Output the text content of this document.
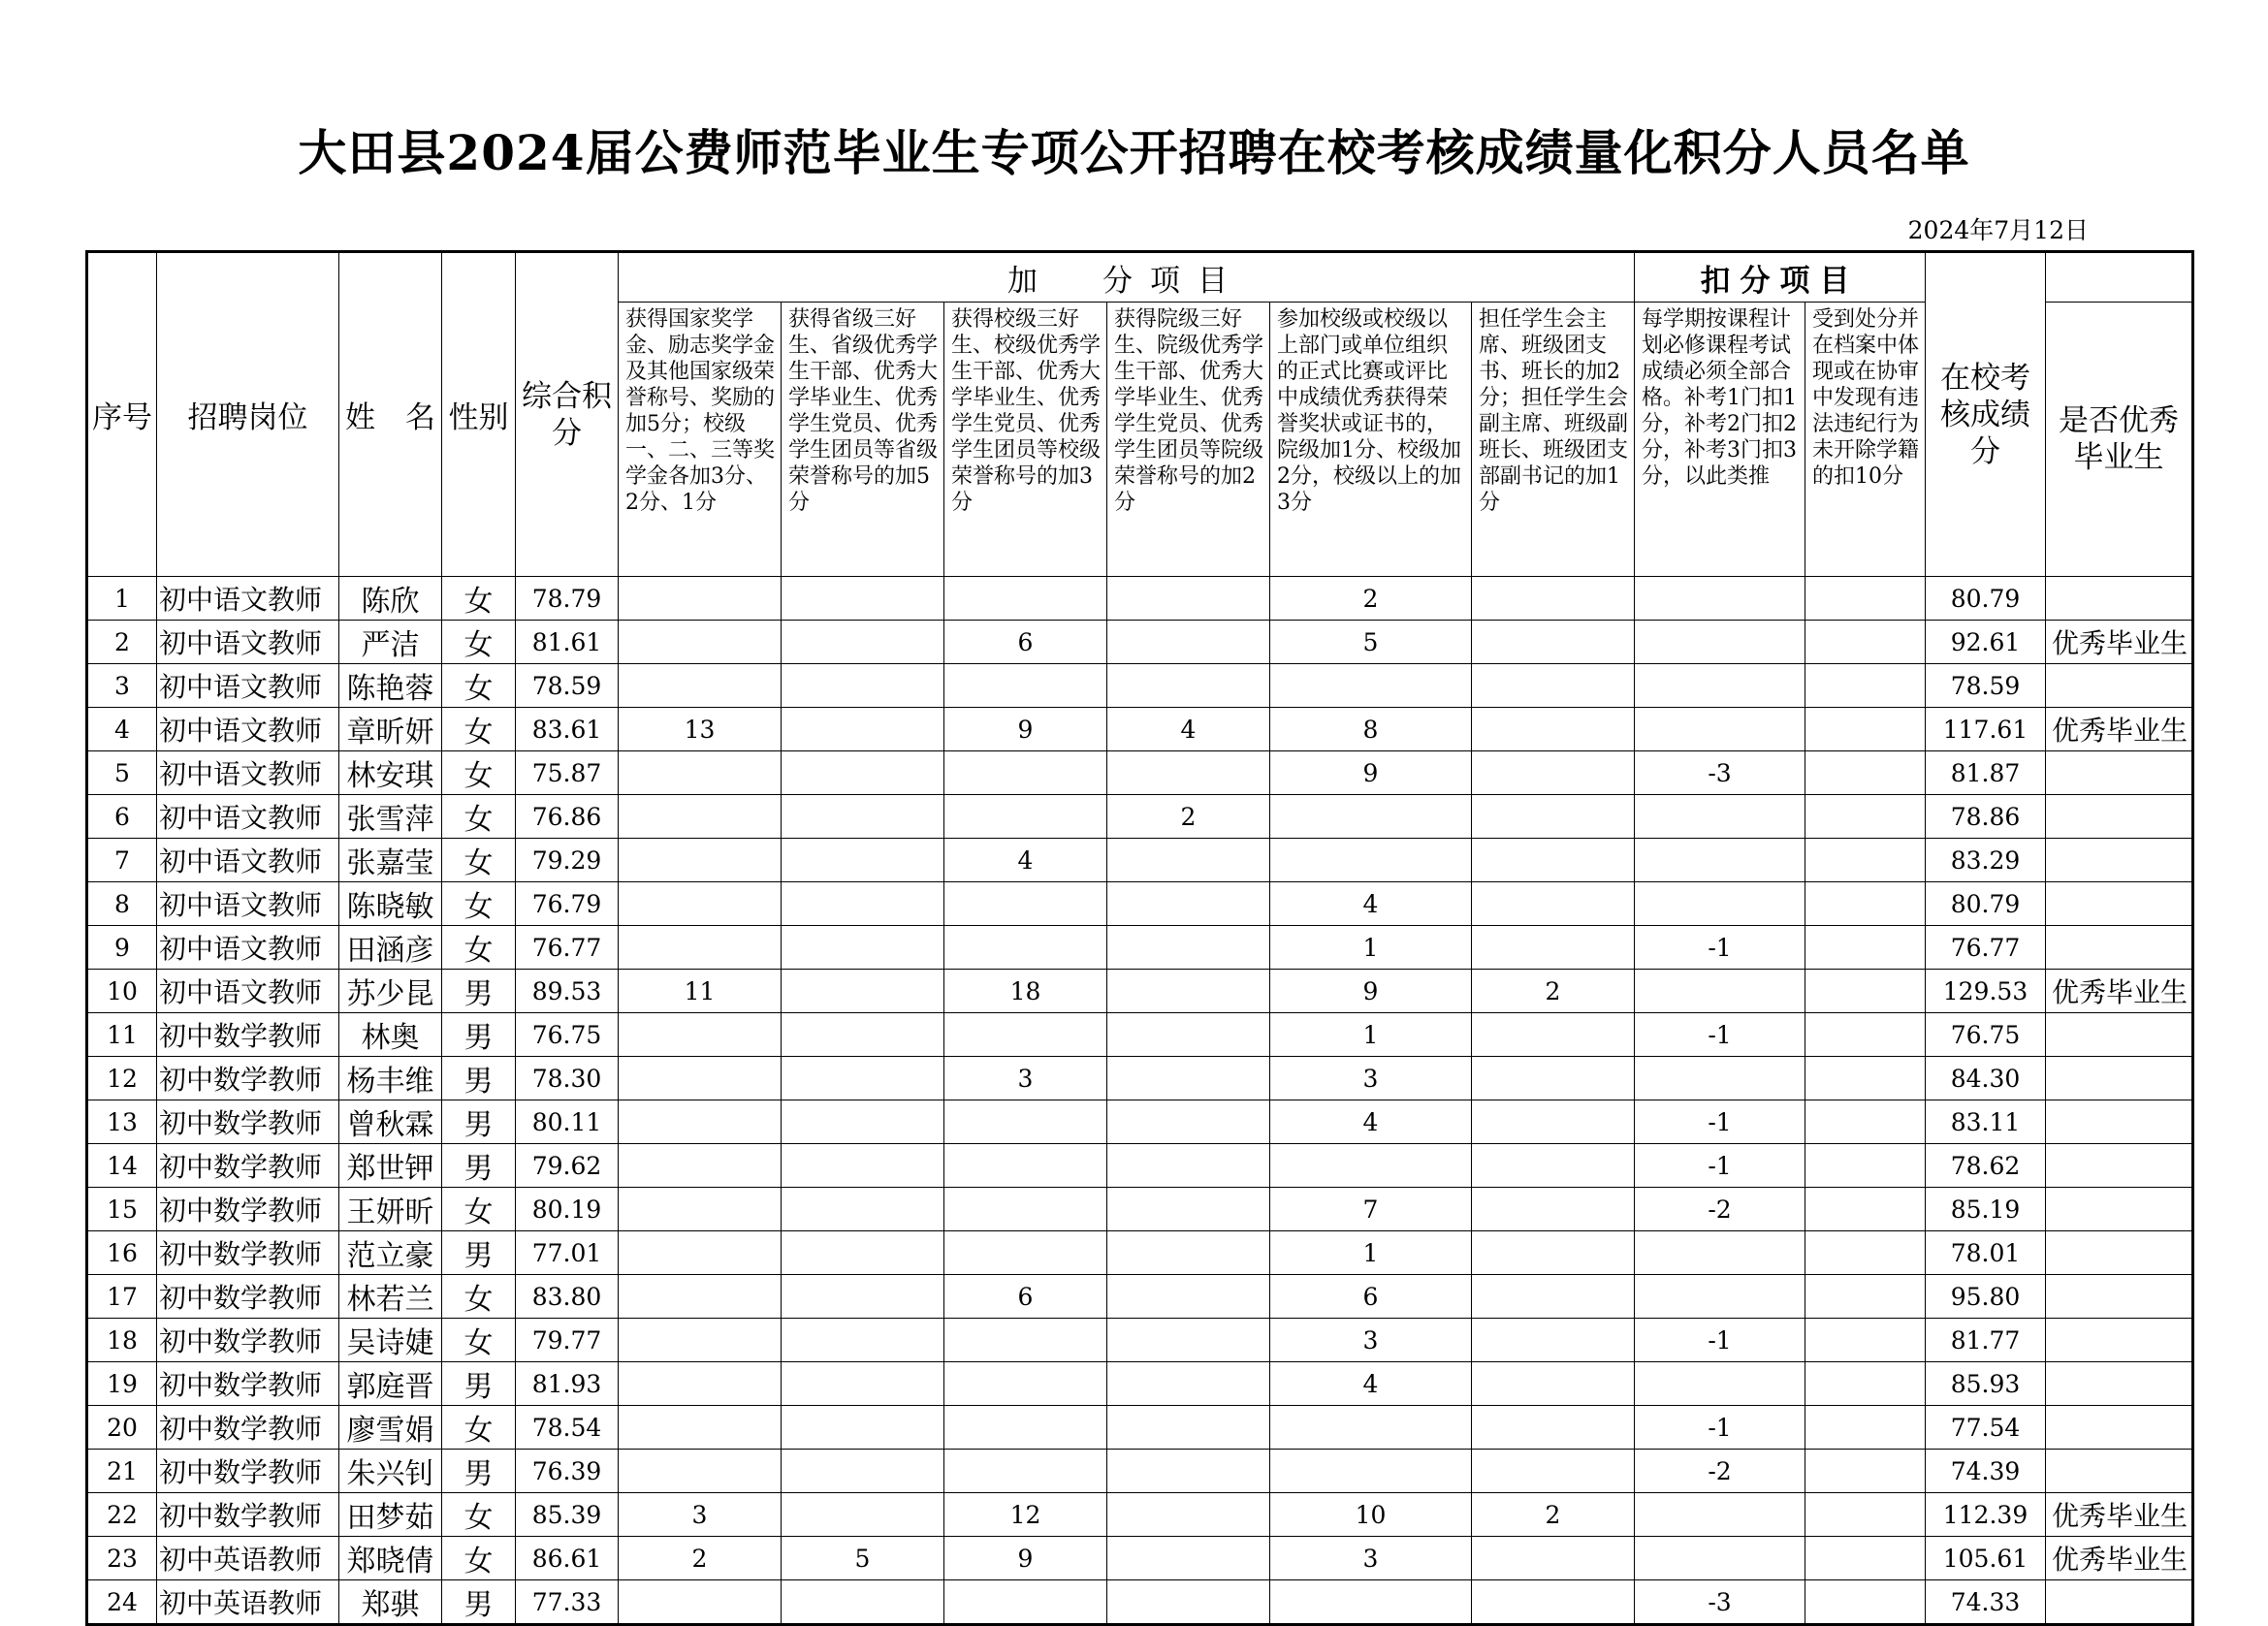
大田县2024届公费师范毕业生专项公开招聘在校考核成绩量化积分人员名单
2024年7月12日
序号	招聘岗位	姓　名	性别	综合积分	加　分项目						扣分项目		在校考核成绩分	

					获得国家奖学金、励志奖学金及其他国家级荣誉称号、奖励的加5分；校级一、二、三等奖学金各加3分、2分、1分	获得省级三好生、省级优秀学生干部、优秀大学毕业生、优秀学生党员、优秀学生团员等省级荣誉称号的加5分	获得校级三好生、校级优秀学生干部、优秀大学毕业生、优秀学生党员、优秀学生团员等校级荣誉称号的加3分	获得院级三好生、院级优秀学生干部、优秀大学毕业生、优秀学生党员、优秀学生团员等院级荣誉称号的加2分	参加校级或校级以上部门或单位组织的正式比赛或评比中成绩优秀获得荣誉奖状或证书的，院级加1分、校级加2分，校级以上的加3分	担任学生会主席、班级团支书、班长的加2分；担任学生会副主席、班级副班长、班级团支部副书记的加1分	每学期按课程计划必修课程考试成绩必须全部合格。补考1门扣1分，补考2门扣2分，补考3门扣3分，以此类推	受到处分并在档案中体现或在协审中发现有违法违纪行为未开除学籍的扣10分		是否优秀毕业生
1	初中语文教师	陈欣	女	78.79					2				80.79	
2	初中语文教师	严洁	女	81.61			6		5				92.61	优秀毕业生
3	初中语文教师	陈艳蓉	女	78.59									78.59	
4	初中语文教师	章昕妍	女	83.61	13		9	4	8				117.61	优秀毕业生
5	初中语文教师	林安琪	女	75.87					9		-3		81.87	
6	初中语文教师	张雪萍	女	76.86				2					78.86	
7	初中语文教师	张嘉莹	女	79.29			4						83.29	
8	初中语文教师	陈晓敏	女	76.79					4				80.79	
9	初中语文教师	田涵彦	女	76.77					1		-1		76.77	
10	初中语文教师	苏少昆	男	89.53	11		18		9	2			129.53	优秀毕业生
11	初中数学教师	林奥	男	76.75					1		-1		76.75	
12	初中数学教师	杨丰维	男	78.30			3		3				84.30	
13	初中数学教师	曾秋霖	男	80.11					4		-1		83.11	
14	初中数学教师	郑世钾	男	79.62							-1		78.62	
15	初中数学教师	王妍昕	女	80.19					7		-2		85.19	
16	初中数学教师	范立豪	男	77.01					1				78.01	
17	初中数学教师	林若兰	女	83.80			6		6				95.80	
18	初中数学教师	吴诗婕	女	79.77					3		-1		81.77	
19	初中数学教师	郭庭晋	男	81.93					4				85.93	
20	初中数学教师	廖雪娟	女	78.54							-1		77.54	
21	初中数学教师	朱兴钊	男	76.39							-2		74.39	
22	初中数学教师	田梦茹	女	85.39	3		12		10	2			112.39	优秀毕业生
23	初中英语教师	郑晓倩	女	86.61	2	5	9		3				105.61	优秀毕业生
24	初中英语教师	郑骐	男	77.33							-3		74.33	
